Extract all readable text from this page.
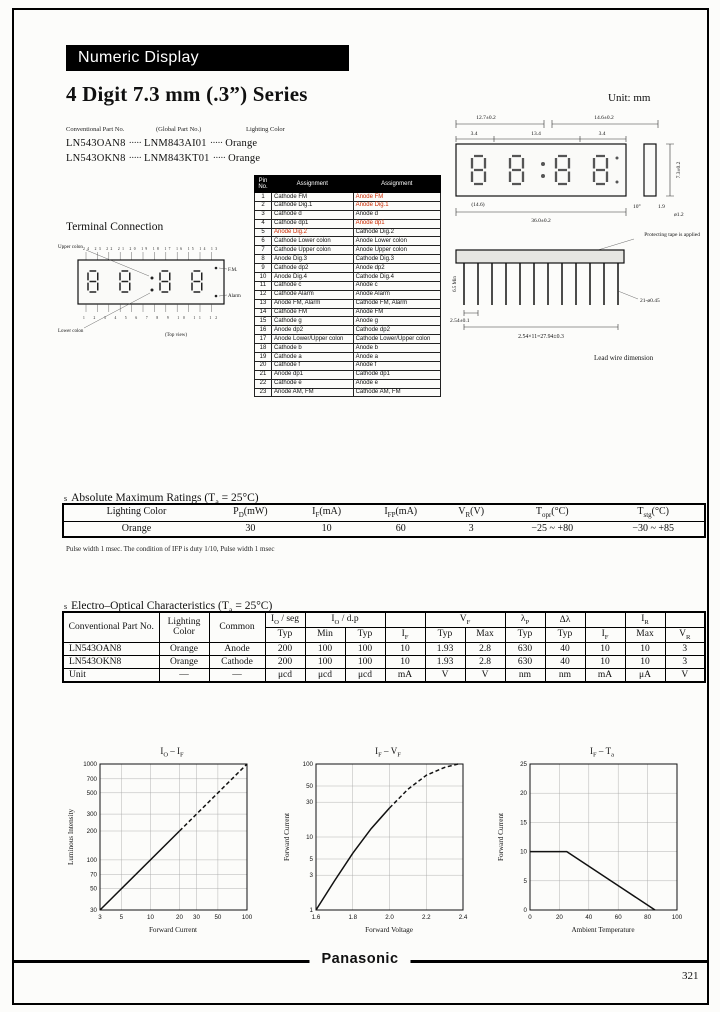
Numeric Display
4 Digit 7.3 mm (.3”) Series	Unit: mm
Conventional Part No.	(Global Part No.)	Lighting Color
LN543OAN8 ····· LNM843AI01 ····· Orange
LN543OKN8 ····· LNM843KT01 ····· Orange
Terminal Connection
24 23 22 21 20 19 18 17 16 15 14 13
1 2 3 4 5 6 7 8 9 10 11 12
Upper colon
F.M.
Alarm
Lower colon
(Top view)
Pin No.	Assignment	Assignment
1	Cathode FM	Anode FM
2	Cathode Dig.1	Anode Dig.1
3	Cathode d	Anode d
4	Cathode dp1	Anode dp1
5	Anode Dig.2	Cathode Dig.2
6	Cathode Lower colon	Anode Lower colon
7	Cathode Upper colon	Anode Upper colon
8	Anode Dig.3	Cathode Dig.3
9	Cathode dp2	Anode dp2
10	Anode Dig.4	Cathode Dig.4
11	Cathode c	Anode c
12	Cathode Alarm	Anode Alarm
13	Anode FM, Alarm	Cathode FM, Alarm
14	Cathode FM	Anode FM
15	Cathode g	Anode g
16	Anode dp2	Cathode dp2
17	Anode Lower/Upper colon	Cathode Lower/Upper colon
18	Cathode b	Anode b
19	Cathode a	Anode a
20	Cathode f	Anode f
21	Anode dp1	Cathode dp1
22	Cathode e	Anode e
23	Anode AM, FM	Cathode AM, FM
12.7±0.2	14.6±0.2
3.4	13.4	3.4
7.3±0.2
(14.6)
36.0±0.2
10°	1.9
ø1.2
Protecting tape is applied
6.5 Min
2.54±0.1
2.54×11=27.94±0.3
21-ø0.45
Lead wire dimension
s Absolute Maximum Ratings $(T_a = 25^\circ C)$
Lighting Color	$P_D(mW)$	$I_F(mA)$	$I_{FP}(mA)$	$V_R(V)$	$T_{opr}(^\circ C)$	$T_{stg}(^\circ C)$
Orange	30	10	60	3	−25 ~ +80	−30 ~ +85
Pulse width 1 msec. The condition of IFP is duty 1/10, Pulse width 1 msec
s Electro–Optical Characteristics $(T_a = 25^\circ C)$
Conventional Part No.	Lighting Color	Common	$I_O$ / seg	$I_O / d.p$			$V_F$		$\lambda_P$	Δλ		$I_R$	
			Typ	Min	Typ	$I_F$	Typ	Max	Typ	Typ	$I_F$	Max	$V_R$
LN543OAN8	Orange	Anode	200	100	100	10	1.93	2.8	630	40	10	10	3
LN543OKN8	Orange	Cathode	200	100	100	10	1.93	2.8	630	40	10	10	3
Unit	—	—	μcd	μcd	μcd	mA	V	V	nm	nm	mA	μA	V
$I_O - I_F$
1000
700
500
300
200
100
70
50
30
3	5	10	20 30 50	100
Luminous Intensity
Forward Current
$I_F - V_F$
100
50
30
10
5
3
1
1.6	1.8	2.0	2.2	2.4
Forward Current
Forward Voltage
$I_F - T_a$
25
20
15
10
5
0
0	20	40	60	80	100
Forward Current
Ambient Temperature
Panasonic
321
